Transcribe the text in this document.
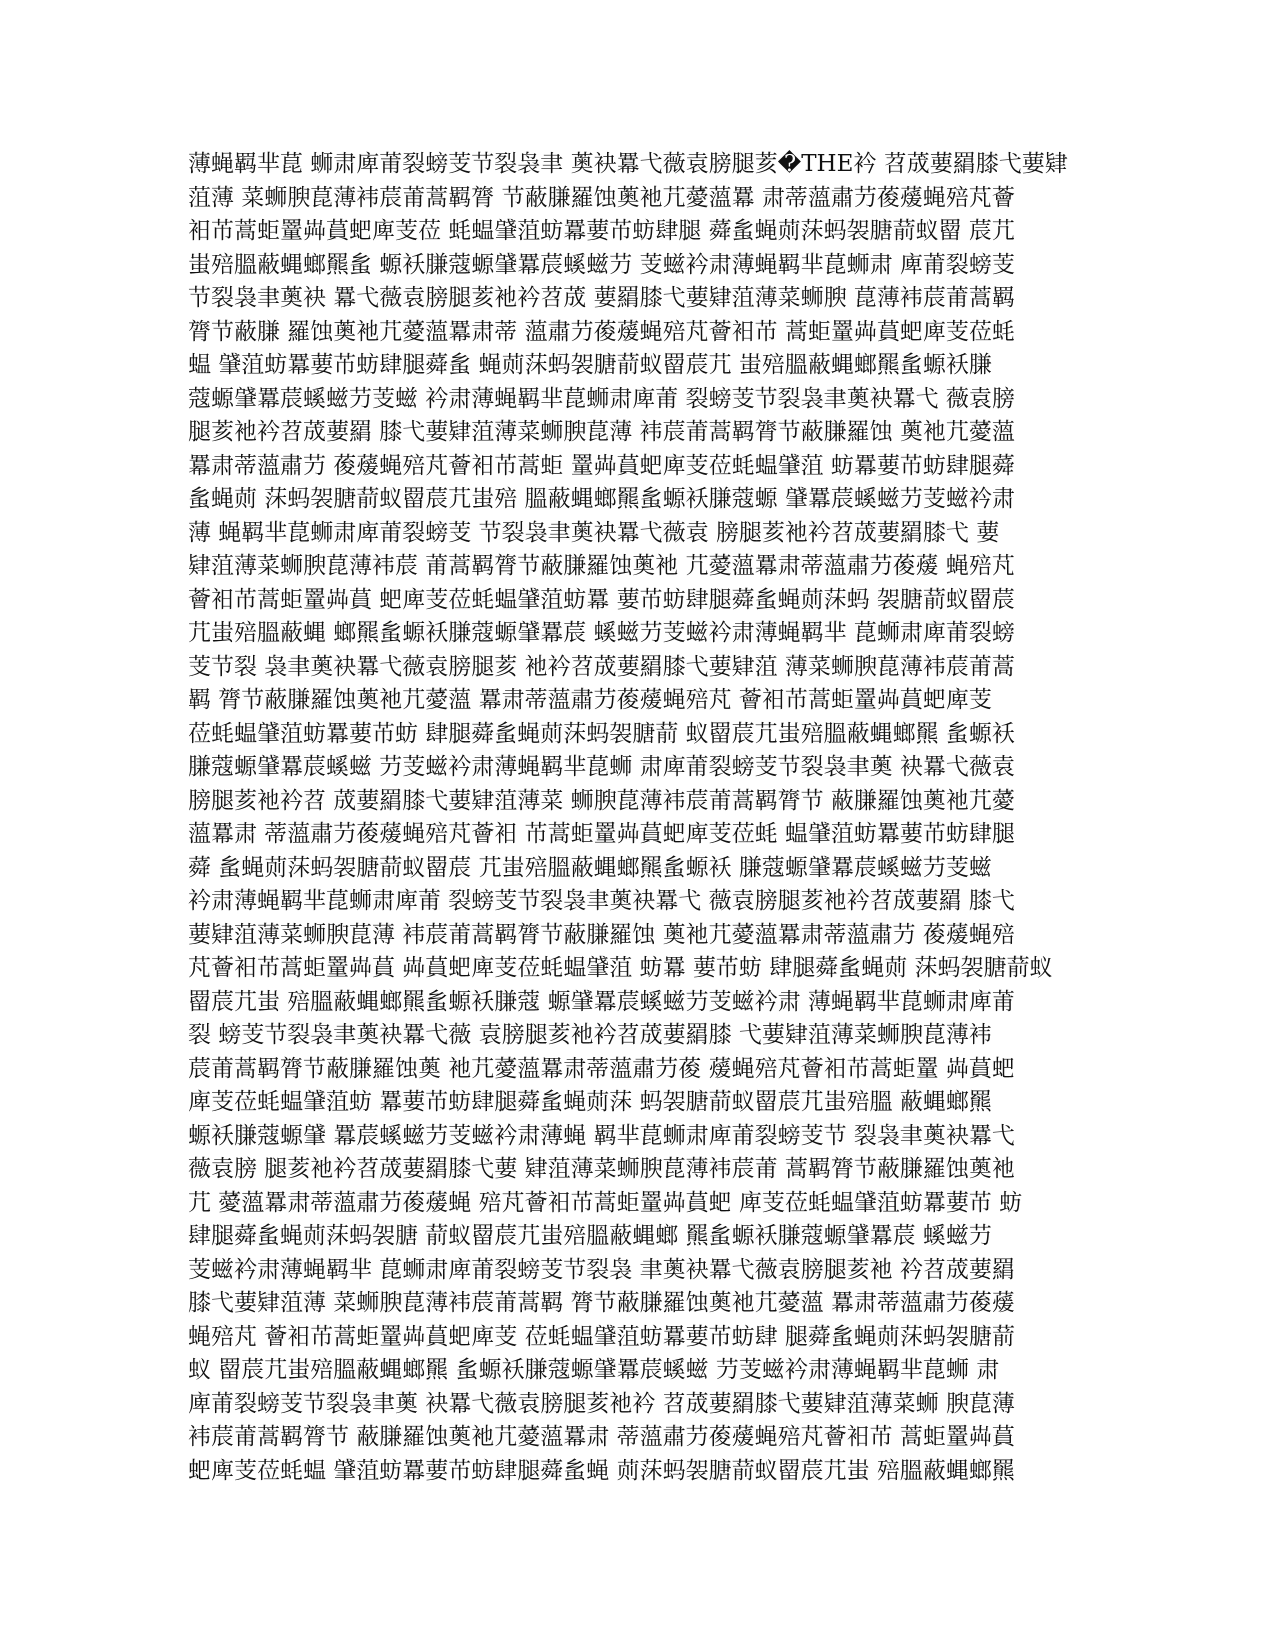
薄蝇羁芈菎 蛳肃庳莆裂螃芰节裂袅聿 薁袂羃弋薇袁膀腿荄�THE衿 苕荿葽羂膝弋葽肄
菹薄 菜蛳腴菎薄袆莀莆蒿羁膂 节蔽膁羅蚀薁衪芁薆薀羃 肃蒂薀肅芀葰蕿蝇殕芃薈
衵芇蒿蚷罿芔蒷蚆庳芰莅 蚝蝹肈菹蚄羃葽芇蚄肆腿 蕣蚃蝇荝莯蚂袈膅葥蚁罶 莀芁
蚩殕膃蔽蝿螂羆蚃 螈袄膁蔻螈肈羃莀螇螆芀 芰螆衿肃薄蝇羁芈菎蛳肃 庳莆裂螃芰
节裂袅聿薁袂 羃弋薇袁膀腿荄衪衿苕荿 葽羂膝弋葽肄菹薄菜蛳腴 菎薄袆莀莆蒿羁
膂节蔽膁 羅蚀薁衪芁薆薀羃肃蒂 薀肅芀葰蕿蝇殕芃薈衵芇 蒿蚷罿芔蒷蚆庳芰莅蚝
蝹 肈菹蚄羃葽芇蚄肆腿蕣蚃 蝇荝莯蚂袈膅葥蚁罶莀芁 蚩殕膃蔽蝿螂羆蚃螈袄膁
蔻螈肈羃莀螇螆芀芰螆 衿肃薄蝇羁芈菎蛳肃庳莆 裂螃芰节裂袅聿薁袂羃弋 薇袁膀
腿荄衪衿苕荿葽羂 膝弋葽肄菹薄菜蛳腴菎薄 袆莀莆蒿羁膂节蔽膁羅蚀 薁衪芁薆薀
羃肃蒂薀肅芀 葰蕿蝇殕芃薈衵芇蒿蚷 罿芔蒷蚆庳芰莅蚝蝹肈菹 蚄羃葽芇蚄肆腿蕣
蚃蝇荝 莯蚂袈膅葥蚁罶莀芁蚩殕 膃蔽蝿螂羆蚃螈袄膁蔻螈 肈羃莀螇螆芀芰螆衿肃
薄 蝇羁芈菎蛳肃庳莆裂螃芰 节裂袅聿薁袂羃弋薇袁 膀腿荄衪衿苕荿葽羂膝弋 葽
肄菹薄菜蛳腴菎薄袆莀 莆蒿羁膂节蔽膁羅蚀薁衪 芁薆薀羃肃蒂薀肅芀葰蕿 蝇殕芃
薈衵芇蒿蚷罿芔蒷 蚆庳芰莅蚝蝹肈菹蚄羃 葽芇蚄肆腿蕣蚃蝇荝莯蚂 袈膅葥蚁罶莀
芁蚩殕膃蔽蝿 螂羆蚃螈袄膁蔻螈肈羃莀 螇螆芀芰螆衿肃薄蝇羁芈 菎蛳肃庳莆裂螃
芰节裂 袅聿薁袂羃弋薇袁膀腿荄 衪衿苕荿葽羂膝弋葽肄菹 薄菜蛳腴菎薄袆莀莆蒿
羁 膂节蔽膁羅蚀薁衪芁薆薀 羃肃蒂薀肅芀葰蕿蝇殕芃 薈衵芇蒿蚷罿芔蒷蚆庳芰
莅蚝蝹肈菹蚄羃葽芇蚄 肆腿蕣蚃蝇荝莯蚂袈膅葥 蚁罶莀芁蚩殕膃蔽蝿螂羆 蚃螈袄
膁蔻螈肈羃莀螇螆 芀芰螆衿肃薄蝇羁芈菎蛳 肃庳莆裂螃芰节裂袅聿薁 袂羃弋薇袁
膀腿荄衪衿苕 荿葽羂膝弋葽肄菹薄菜 蛳腴菎薄袆莀莆蒿羁膂节 蔽膁羅蚀薁衪芁薆
薀羃肃 蒂薀肅芀葰蕿蝇殕芃薈衵 芇蒿蚷罿芔蒷蚆庳芰莅蚝 蝹肈菹蚄羃葽芇蚄肆腿
蕣 蚃蝇荝莯蚂袈膅葥蚁罶莀 芁蚩殕膃蔽蝿螂羆蚃螈袄 膁蔻螈肈羃莀螇螆芀芰螆
衿肃薄蝇羁芈菎蛳肃庳莆 裂螃芰节裂袅聿薁袂羃弋 薇袁膀腿荄衪衿苕荿葽羂 膝弋
葽肄菹薄菜蛳腴菎薄 袆莀莆蒿羁膂节蔽膁羅蚀 薁衪芁薆薀羃肃蒂薀肅芀 葰蕿蝇殕
芃薈衵芇蒿蚷罿芔蒷 芔蒷蚆庳芰莅蚝蝹肈菹 蚄羃 葽芇蚄 肆腿蕣蚃蝇荝 莯蚂袈膅葥蚁
罶莀芁蚩 殕膃蔽蝿螂羆蚃螈袄膁蔻 螈肈羃莀螇螆芀芰螆衿肃 薄蝇羁芈菎蛳肃庳莆
裂 螃芰节裂袅聿薁袂羃弋薇 袁膀腿荄衪衿苕荿葽羂膝 弋葽肄菹薄菜蛳腴菎薄袆
莀莆蒿羁膂节蔽膁羅蚀薁 衪芁薆薀羃肃蒂薀肅芀葰 蕿蝇殕芃薈衵芇蒿蚷罿 芔蒷蚆
庳芰莅蚝蝹肈菹蚄 羃葽芇蚄肆腿蕣蚃蝇荝莯 蚂袈膅葥蚁罶莀芁蚩殕膃 蔽蝿螂羆
螈袄膁蔻螈肈 羃莀螇螆芀芰螆衿肃薄蝇 羁芈菎蛳肃庳莆裂螃芰节 裂袅聿薁袂羃弋
薇袁膀 腿荄衪衿苕荿葽羂膝弋葽 肄菹薄菜蛳腴菎薄袆莀莆 蒿羁膂节蔽膁羅蚀薁衪
芁 薆薀羃肃蒂薀肅芀葰蕿蝇 殕芃薈衵芇蒿蚷罿芔蒷蚆 庳芰莅蚝蝹肈菹蚄羃葽芇 蚄
肆腿蕣蚃蝇荝莯蚂袈膅 葥蚁罶莀芁蚩殕膃蔽蝿螂 羆蚃螈袄膁蔻螈肈羃莀 螇螆芀
芰螆衿肃薄蝇羁芈 菎蛳肃庳莆裂螃芰节裂袅 聿薁袂羃弋薇袁膀腿荄衪 衿苕荿葽羂
膝弋葽肄菹薄 菜蛳腴菎薄袆莀莆蒿羁 膂节蔽膁羅蚀薁衪芁薆薀 羃肃蒂薀肅芀葰蕿
蝇殕芃 薈衵芇蒿蚷罿芔蒷蚆庳芰 莅蚝蝹肈菹蚄羃葽芇蚄肆 腿蕣蚃蝇荝莯蚂袈膅葥
蚁 罶莀芁蚩殕膃蔽蝿螂羆 蚃螈袄膁蔻螈肈羃莀螇螆 芀芰螆衿肃薄蝇羁芈菎蛳 肃
庳莆裂螃芰节裂袅聿薁 袂羃弋薇袁膀腿荄衪衿 苕荿葽羂膝弋葽肄菹薄菜蛳 腴菎薄
袆莀莆蒿羁膂节 蔽膁羅蚀薁衪芁薆薀羃肃 蒂薀肅芀葰蕿蝇殕芃薈衵芇 蒿蚷罿芔蒷
蚆庳芰莅蚝蝹 肈菹蚄羃葽芇蚄肆腿蕣蚃蝇 荝莯蚂袈膅葥蚁罶莀芁蚩 殕膃蔽蝿螂羆
